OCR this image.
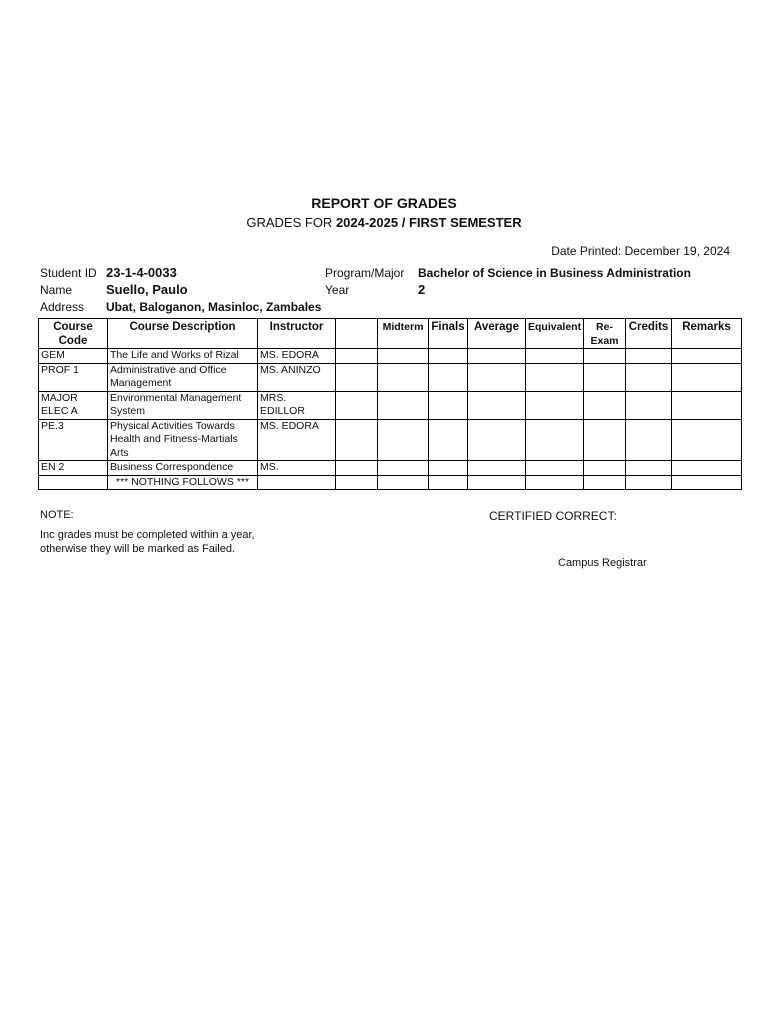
REPORT OF GRADES
GRADES FOR 2024-2025 / FIRST SEMESTER
Date Printed: December 19, 2024
Student ID 23-1-4-0033
Name	Suello, Paulo
Address Ubat, Baloganon, Masinloc, Zambales
Program/Major Bachelor of Science in Business Administration
Year	2
Course Code	Course Description	Instructor		Midterm	Finals	Average	Equivalent	Re-Exam	Credits	Remarks
GEM	The Life and Works of Rizal	MS. EDORA								
PROF 1	Administrative and Office Management	MS. ANINZO								
MAJOR ELEC A	Environmental Management System	MRS. EDILLOR								
PE.3	Physical Activities Towards Health and Fitness-Martials Arts	MS. EDORA								
EN 2	Business Correspondence	MS.								
	*** NOTHING FOLLOWS ***									
NOTE:	CERTIFIED CORRECT:
Inc grades must be completed within a year, otherwise they will be marked as Failed.
Campus Registrar
